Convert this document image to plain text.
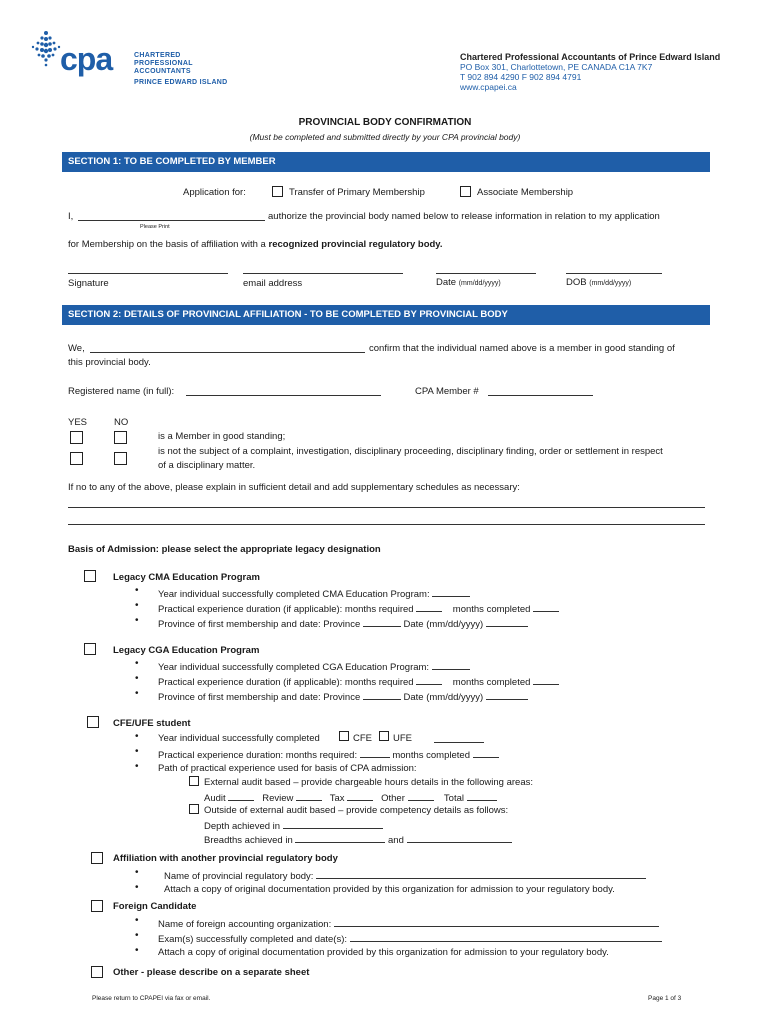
cpa	CHARTERED
PROFESSIONAL
ACCOUNTANTS
PRINCE EDWARD ISLAND
Chartered Professional Accountants of Prince Edward Island
PO Box 301, Charlottetown, PE CANADA C1A 7K7
T 902 894 4290 F 902 894 4791
www.cpapei.ca
PROVINCIAL BODY CONFIRMATION
(Must be completed and submitted directly by your CPA provincial body)
SECTION 1: TO BE COMPLETED BY MEMBER
Application for:	Transfer of Primary Membership	Associate Membership
I,	authorize the provincial body named below to release information in relation to my application
Please Print
for Membership on the basis of affiliation with a recognized provincial regulatory body.
Signature	email address	Date (mm/dd/yyyy)	DOB (mm/dd/yyyy)
SECTION 2: DETAILS OF PROVINCIAL AFFILIATION - TO BE COMPLETED BY PROVINCIAL BODY
We,	confirm that the individual named above is a member in good standing of
this provincial body.
Registered name (in full):	CPA Member #
YES	NO
is a Member in good standing;
is not the subject of a complaint, investigation, disciplinary proceeding, disciplinary finding, order or settlement in respect
of a disciplinary matter.
If no to any of the above, please explain in sufficient detail and add supplementary schedules as necessary:
Basis of Admission: please select the appropriate legacy designation
Legacy CMA Education Program
• Year individual successfully completed CMA Education Program:
• Practical experience duration (if applicable): months required	months completed
• Province of first membership and date: Province	Date (mm/dd/yyyy)
Legacy CGA Education Program
• Year individual successfully completed CGA Education Program:
• Practical experience duration (if applicable): months required	months completed
• Province of first membership and date: Province	Date (mm/dd/yyyy)
CFE/UFE student
• Year individual successfully completed	CFE UFE
• Practical experience duration: months required:	months completed
• Path of practical experience used for basis of CPA admission:
External audit based – provide chargeable hours details in the following areas:
Audit	Review	Tax	Other	Total
Outside of external audit based – provide competency details as follows:
Depth achieved in
Breadths achieved in	and
Affiliation with another provincial regulatory body
•	Name of provincial regulatory body:
•	Attach a copy of original documentation provided by this organization for admission to your regulatory body.
Foreign Candidate
• Name of foreign accounting organization:
• Exam(s) successfully completed and date(s):
• Attach a copy of original documentation provided by this organization for admission to your regulatory body.
Other - please describe on a separate sheet
Please return to CPAPEI via fax or email.	Page 1 of 3
